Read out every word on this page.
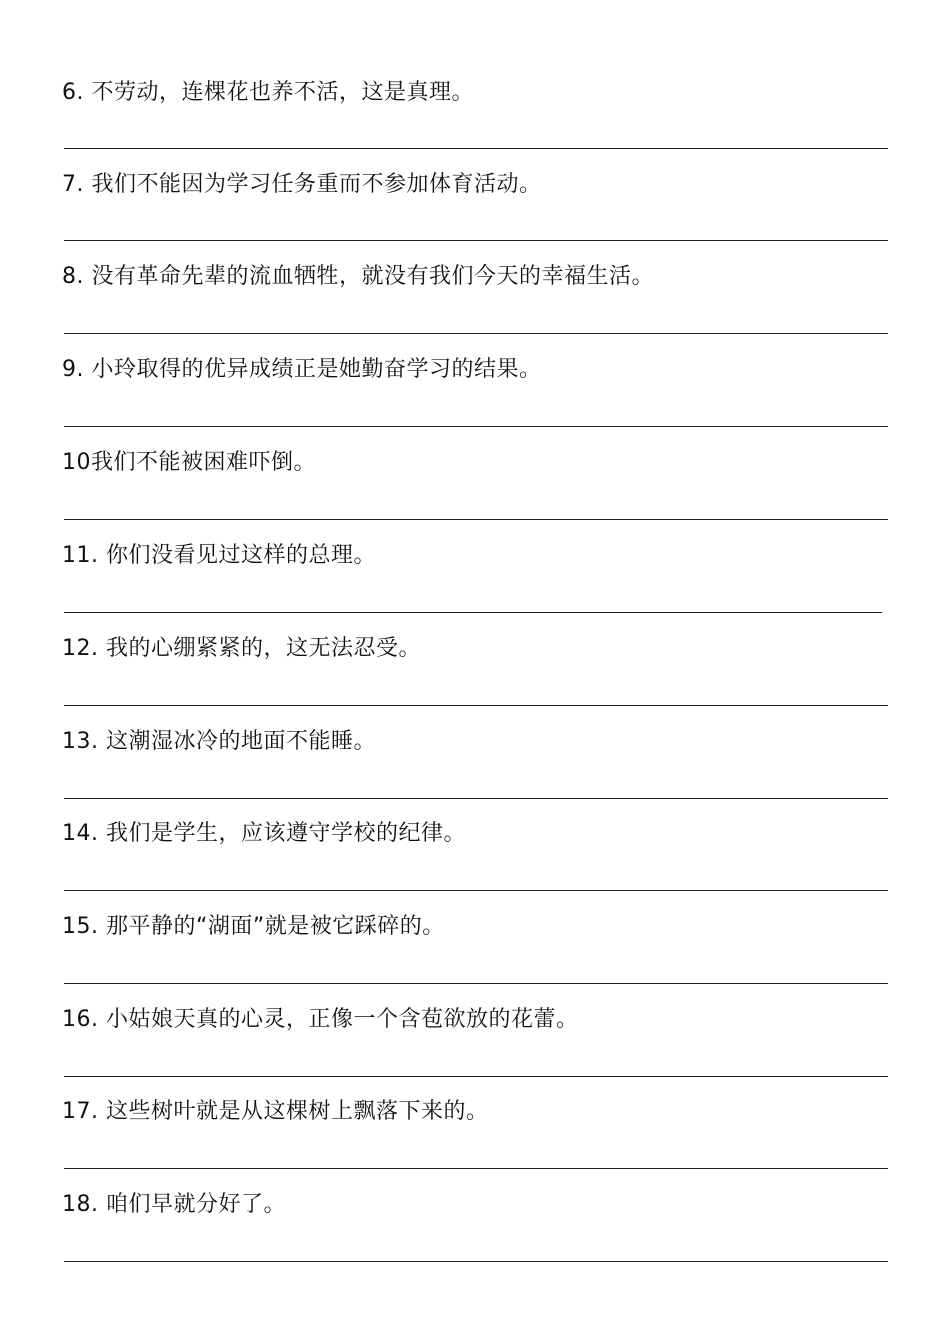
6. 不劳动，连棵花也养不活，这是真理。
7. 我们不能因为学习任务重而不参加体育活动。
8. 没有革命先辈的流血牺牲，就没有我们今天的幸福生活。
9. 小玲取得的优异成绩正是她勤奋学习的结果。
10我们不能被困难吓倒。
11. 你们没看见过这样的总理。
12. 我的心绷紧紧的，这无法忍受。
13. 这潮湿冰冷的地面不能睡。
14. 我们是学生，应该遵守学校的纪律。
15. 那平静的“湖面”就是被它踩碎的。
16. 小姑娘天真的心灵，正像一个含苞欲放的花蕾。
17. 这些树叶就是从这棵树上飘落下来的。
18. 咱们早就分好了。
